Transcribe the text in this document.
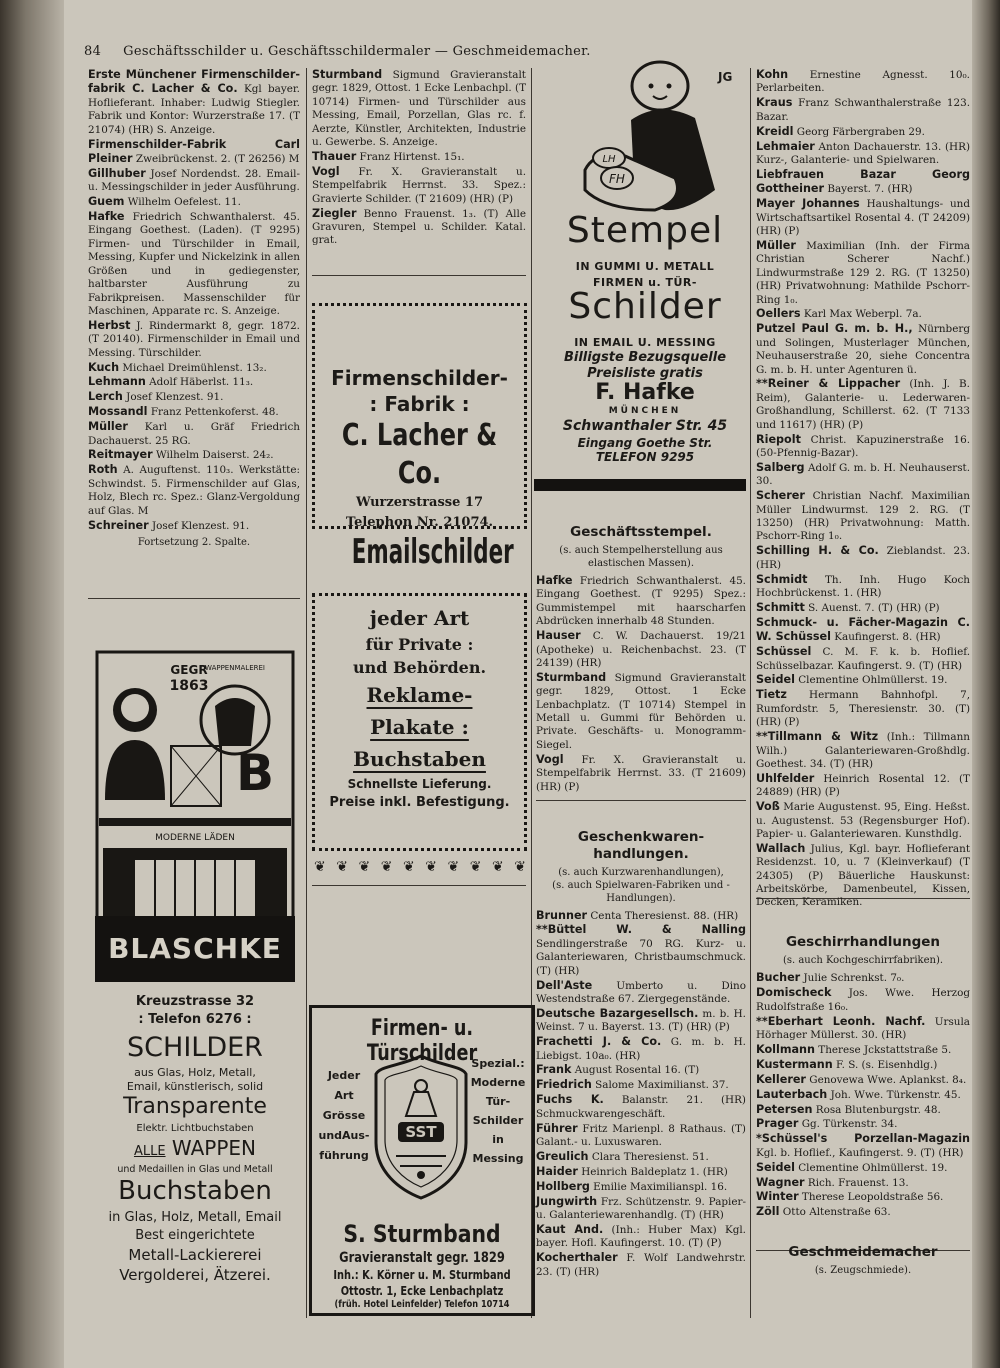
84 Geschäftsschilder u. Geschäftsschildermaler — Geschmeidemacher.
Erste Münchener Firmenschilder-fabrik C. Lacher & Co. Kgl bayer. Hoflieferant. Inhaber: Ludwig Stiegler. Fabrik und Kontor: Wurzerstraße 17. (T 21074) (HR) S. Anzeige.
Firmenschilder-Fabrik Carl Pleiner Zweibrückenst. 2. (T 26256) M
Gillhuber Josef Nordendst. 28. Email- u. Messingschilder in jeder Ausführung.
Guem Wilhelm Oefelest. 11.
Hafke Friedrich Schwanthalerst. 45. Eingang Goethest. (Laden). (T 9295) Firmen- und Türschilder in Email, Messing, Kupfer und Nickelzink in allen Größen und in gediegenster, haltbarster Ausführung zu Fabrikpreisen. Massenschilder für Maschinen, Apparate rc. S. Anzeige.
Herbst J. Rindermarkt 8, gegr. 1872. (T 20140). Firmenschilder in Email und Messing. Türschilder.
Kuch Michael Dreimühlenst. 13₂.
Lehmann Adolf Häberlst. 11₃.
Lerch Josef Klenzest. 91.
Mossandl Franz Pettenkoferst. 48.
Müller Karl u. Gräf Friedrich Dachauerst. 25 RG.
Reitmayer Wilhelm Daiserst. 24₂.
Roth A. Auguftenst. 110₃. Werkstätte: Schwindst. 5. Firmenschilder auf Glas, Holz, Blech rc. Spez.: Glanz-Vergoldung auf Glas. M
Schreiner Josef Klenzest. 91.
Fortsetzung 2. Spalte.
Sturmband Sigmund Gravieranstalt gegr. 1829, Ottost. 1 Ecke Lenbachpl. (T 10714) Firmen- und Türschilder aus Messing, Email, Porzellan, Glas rc. f. Aerzte, Künstler, Architekten, Industrie u. Gewerbe. S. Anzeige.
Thauer Franz Hirtenst. 15₁.
Vogl Fr. X. Gravieranstalt u. Stempelfabrik Herrnst. 33. Spez.: Gravierte Schilder. (T 21609) (HR) (P)
Ziegler Benno Frauenst. 1₃. (T) Alle Gravuren, Stempel u. Schilder. Katal. grat.
Firmenschilder-
: Fabrik :
C. Lacher & Co.
Wurzerstrasse 17
Telephon Nr. 21074.
Emailschilder
jeder Art
für Private :
und Behörden.
Reklame-
Plakate :
Buchstaben
Schnellste Lieferung.
Preise inkl. Befestigung.
❦ ❦ ❦ ❦ ❦ ❦ ❦ ❦ ❦ ❦
Firmen- u. Türschilder
Jeder
Art
Grösse
undAus-
führung
Spezial.:
Moderne
Tür-
Schilder
in
Messing
SST
S. Sturmband
Gravieranstalt gegr. 1829
Inh.: K. Körner u. M. Sturmband
Ottostr. 1, Ecke Lenbachplatz
(früh. Hotel Leinfelder) Telefon 10714
JG
LH
FH
Stempel
IN GUMMI U. METALL
FIRMEN u. TÜR-
Schilder
IN EMAIL U. MESSING
Billigste Bezugsquelle
Preisliste gratis
F. Hafke
MÜNCHEN
Schwanthaler Str. 45
Eingang Goethe Str.
TELEFON 9295
Geschäftsstempel.
(s. auch Stempelherstellung aus elastischen Massen).
Hafke Friedrich Schwanthalerst. 45. Eingang Goethest. (T 9295) Spez.: Gummistempel mit haarscharfen Abdrücken innerhalb 48 Stunden.
Hauser C. W. Dachauerst. 19/21 (Apotheke) u. Reichenbachst. 23. (T 24139) (HR)
Sturmband Sigmund Gravieranstalt gegr. 1829, Ottost. 1 Ecke Lenbachplatz. (T 10714) Stempel in Metall u. Gummi für Behörden u. Private. Geschäfts- u. Monogramm-Siegel.
Vogl Fr. X. Gravieranstalt u. Stempelfabrik Herrnst. 33. (T 21609) (HR) (P)
Geschenkwaren-handlungen.
(s. auch Kurzwarenhandlungen),
(s. auch Spielwaren-Fabriken und -Handlungen).
Brunner Centa Theresienst. 88. (HR)
**Büttel W. & Nalling Sendlingerstraße 70 RG. Kurz- u. Galanteriewaren, Christbaumschmuck. (T) (HR)
Dell'Aste Umberto u. Dino Westendstraße 67. Ziergegenstände.
Deutsche Bazargesellsch. m. b. H. Weinst. 7 u. Bayerst. 13. (T) (HR) (P)
Frachetti J. & Co. G. m. b. H. Liebigst. 10a₀. (HR)
Frank August Rosental 16. (T)
Friedrich Salome Maximilianst. 37.
Fuchs K. Balanstr. 21. (HR) Schmuckwarengeschäft.
Führer Fritz Marienpl. 8 Rathaus. (T) Galant.- u. Luxuswaren.
Greulich Clara Theresienst. 51.
Haider Heinrich Baldeplatz 1. (HR)
Hollberg Emilie Maximilianspl. 16.
Jungwirth Frz. Schützenstr. 9. Papier- u. Galanteriewarenhandlg. (T) (HR)
Kaut And. (Inh.: Huber Max) Kgl. bayer. Hofl. Kaufingerst. 10. (T) (P)
Kocherthaler F. Wolf Landwehrstr. 23. (T) (HR)
Kohn Ernestine Agnesst. 10₀. Perlarbeiten.
Kraus Franz Schwanthalerstraße 123. Bazar.
Kreidl Georg Färbergraben 29.
Lehmaier Anton Dachauerstr. 13. (HR) Kurz-, Galanterie- und Spielwaren.
Liebfrauen Bazar Georg Gottheiner Bayerst. 7. (HR)
Mayer Johannes Haushaltungs- und Wirtschaftsartikel Rosental 4. (T 24209) (HR) (P)
Müller Maximilian (Inh. der Firma Christian Scherer Nachf.) Lindwurmstraße 129 2. RG. (T 13250) (HR) Privatwohnung: Mathilde Pschorr-Ring 1₀.
Oellers Karl Max Weberpl. 7a.
Putzel Paul G. m. b. H., Nürnberg und Solingen, Musterlager München, Neuhauserstraße 20, siehe Concentra G. m. b. H. unter Agenturen ü.
**Reiner & Lippacher (Inh. J. B. Reim), Galanterie- u. Lederwaren-Großhandlung, Schillerst. 62. (T 7133 und 11617) (HR) (P)
Riepolt Christ. Kapuzinerstraße 16. (50-Pfennig-Bazar).
Salberg Adolf G. m. b. H. Neuhauserst. 30.
Scherer Christian Nachf. Maximilian Müller Lindwurmst. 129 2. RG. (T 13250) (HR) Privatwohnung: Matth. Pschorr-Ring 1₀.
Schilling H. & Co. Zieblandst. 23. (HR)
Schmidt Th. Inh. Hugo Koch Hochbrückenst. 1. (HR)
Schmitt S. Auenst. 7. (T) (HR) (P)
Schmuck- u. Fächer-Magazin C. W. Schüssel Kaufingerst. 8. (HR)
Schüssel C. M. F. k. b. Hoflief. Schüsselbazar. Kaufingerst. 9. (T) (HR)
Seidel Clementine Ohlmüllerst. 19.
Tietz Hermann Bahnhofpl. 7, Rumfordstr. 5, Theresienstr. 30. (T) (HR) (P)
**Tillmann & Witz (Inh.: Tillmann Wilh.) Galanteriewaren-Großhdlg. Goethest. 34. (T) (HR)
Uhlfelder Heinrich Rosental 12. (T 24889) (HR) (P)
Voß Marie Augustenst. 95, Eing. Heßst. u. Augustenst. 53 (Regensburger Hof). Papier- u. Galanteriewaren. Kunsthdlg.
Wallach Julius, Kgl. bayr. Hoflieferant Residenzst. 10, u. 7 (Kleinverkauf) (T 24305) (P) Bäuerliche Hauskunst: Arbeitskörbe, Damenbeutel, Kissen, Decken, Keramiken.
Geschirrhandlungen
(s. auch Kochgeschirrfabriken).
Bucher Julie Schrenkst. 7₀.
Domischeck Jos. Wwe. Herzog Rudolfstraße 16₀.
**Eberhart Leonh. Nachf. Ursula Hörhager Müllerst. 30. (HR)
Kollmann Therese Jckstattstraße 5.
Kustermann F. S. (s. Eisenhdlg.)
Kellerer Genovewa Wwe. Aplankst. 8₄.
Lauterbach Joh. Wwe. Türkenstr. 45.
Petersen Rosa Blutenburgstr. 48.
Prager Gg. Türkenstr. 34.
*Schüssel's Porzellan-Magazin Kgl. b. Hoflief., Kaufingerst. 9. (T) (HR)
Seidel Clementine Ohlmüllerst. 19.
Wagner Rich. Frauenst. 13.
Winter Therese Leopoldstraße 56.
Zöll Otto Altenstraße 63.
Geschmeidemacher
(s. Zeugschmiede).
B
GEGR
1863
WAPPENMALEREI
MODERNE LÄDEN
BLASCHKE
Kreuzstrasse 32
: Telefon 6276 :
SCHILDER
aus Glas, Holz, Metall,
Email, künstlerisch, solid
Transparente
Elektr. Lichtbuchstaben
ALLE WAPPEN
und Medaillen in Glas und Metall
Buchstaben
in Glas, Holz, Metall, Email
Best eingerichtete
Metall-Lackiererei
Vergolderei, Ätzerei.
